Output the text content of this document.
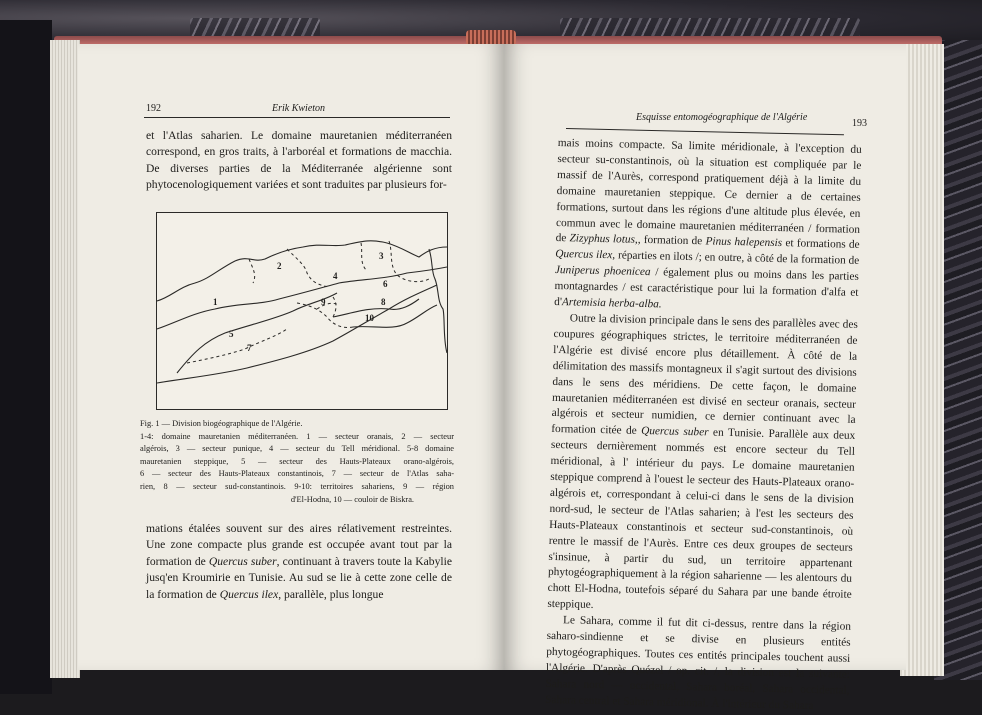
192	Erik Kwieton

et l'Atlas saharien. Le domaine mauretanien méditerranéen correspond, en gros traits, à l'arboréal et formations de macchia. De diverses parties de la Méditerranée algérienne sont phytocenologiquement variées et sont traduites par plusieurs for-

1
2
3
4
5
6
7
8
9
10
Fig. 1 — Division biogéographique de l'Algérie.
1-4: domaine mauretanien méditerranéen. 1 — secteur oranais, 2 — secteur
algérois, 3 — secteur punique, 4 — secteur du Tell méridional. 5-8 domaine
mauretanien steppique, 5 — secteur des Hauts-Plateaux orano-algérois,
6 — secteur des Hauts-Plateaux constantinois, 7 — secteur de l'Atlas saha-
rien, 8 — secteur sud-constantinois. 9-10: territoires sahariens, 9 — région
d'El-Hodna, 10 — couloir de Biskra.

mations étalées souvent sur des aires rélativement restreintes. Une zone compacte plus grande est occupée avant tout par la formation de Quercus suber, continuant à travers toute la Kabylie jusq'en Kroumirie en Tunisie. Au sud se lie à cette zone celle de la formation de Quercus ilex, parallèle, plus longue

Esquisse entomogéographique de l'Algérie
193

mais moins compacte. Sa limite méridionale, à l'exception du secteur su-constantinois, où la situation est compliquée par le massif de l'Aurès, correspond pratiquement déjà à la limite du domaine mauretanien steppique. Ce dernier a de certaines formations, surtout dans les régions d'une altitude plus élevée, en commun avec le domaine mauretanien méditerranéen / formation de Zizyphus lotus,, formation de Pinus halepensis et formations de Quercus ilex, réparties en ilots /; en outre, à côté de la formation de Juniperus phoenicea / également plus ou moins dans les parties montagnardes / est caractéristique pour lui la formation d'alfa et d'Artemisia herba-alba.

Outre la division principale dans le sens des parallèles avec des coupures géographiques strictes, le territoire méditerranéen de l'Algérie est divisé encore plus détaillement. À côté de la délimitation des massifs montagneux il s'agit surtout des divisions dans le sens des méridiens. De cette façon, le domaine mauretanien méditerranéen est divisé en secteur oranais, secteur algérois et secteur numidien, ce dernier continuant avec la formation citée de Quercus suber en Tunisie. Parallèle aux deux secteurs dernièrement nommés est encore secteur du Tell méridional, à l' intérieur du pays. Le domaine mauretanien steppique comprend à l'ouest le secteur des Hauts-Plateaux orano-algérois et, correspondant à celui-ci dans le sens de la division nord-sud, le secteur de l'Atlas saharien; à l'est les secteurs des Hauts-Plateaux constantinois et secteur sud-constantinois, où rentre le massif de l'Aurès. Entre ces deux groupes de secteurs s'insinue, à partir du sud, un territoire appartenant phytogéographiquement à la région saharienne — les alentours du chott El-Hodna, toutefois séparé du Sahara par une bande étroite steppique.

Le Sahara, comme il fut dit ci-dessus, rentre dans la région saharo-sindienne et se divise en plusieurs entités phytogéographiques. Toutes ces entités principales touchent aussi l'Algérie. D'après Quézel / op. cit. /, la division est la suivante: Sahara nord — occidental, Sahara boréal, Sahara occidental, Sahara central et Sahara méridional. À l'intérieur du Sahara
